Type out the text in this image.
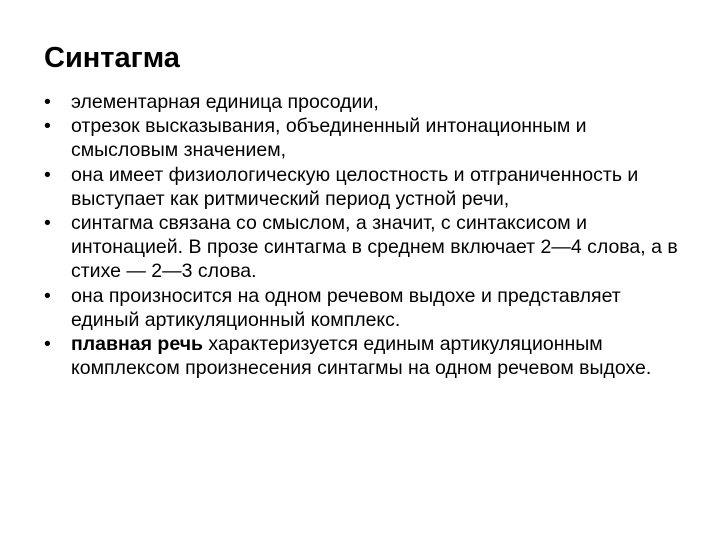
Синтагма
•	элементарная единица просодии,
•	отрезок высказывания, объединенный интонационным и смысловым значением,
•	она имеет физиологическую целостность и отграниченность и выступает как ритмический период устной речи,
•	синтагма связана со смыслом, а значит, с синтаксисом и интонацией. В прозе синтагма в среднем включает 2—4 слова, а в стихе — 2—3 слова.
•	она произносится на одном речевом выдохе и представляет единый артикуляционный комплекс.
•	плавная речь характеризуется единым артикуляционным комплексом произнесения синтагмы на одном речевом выдохе.
